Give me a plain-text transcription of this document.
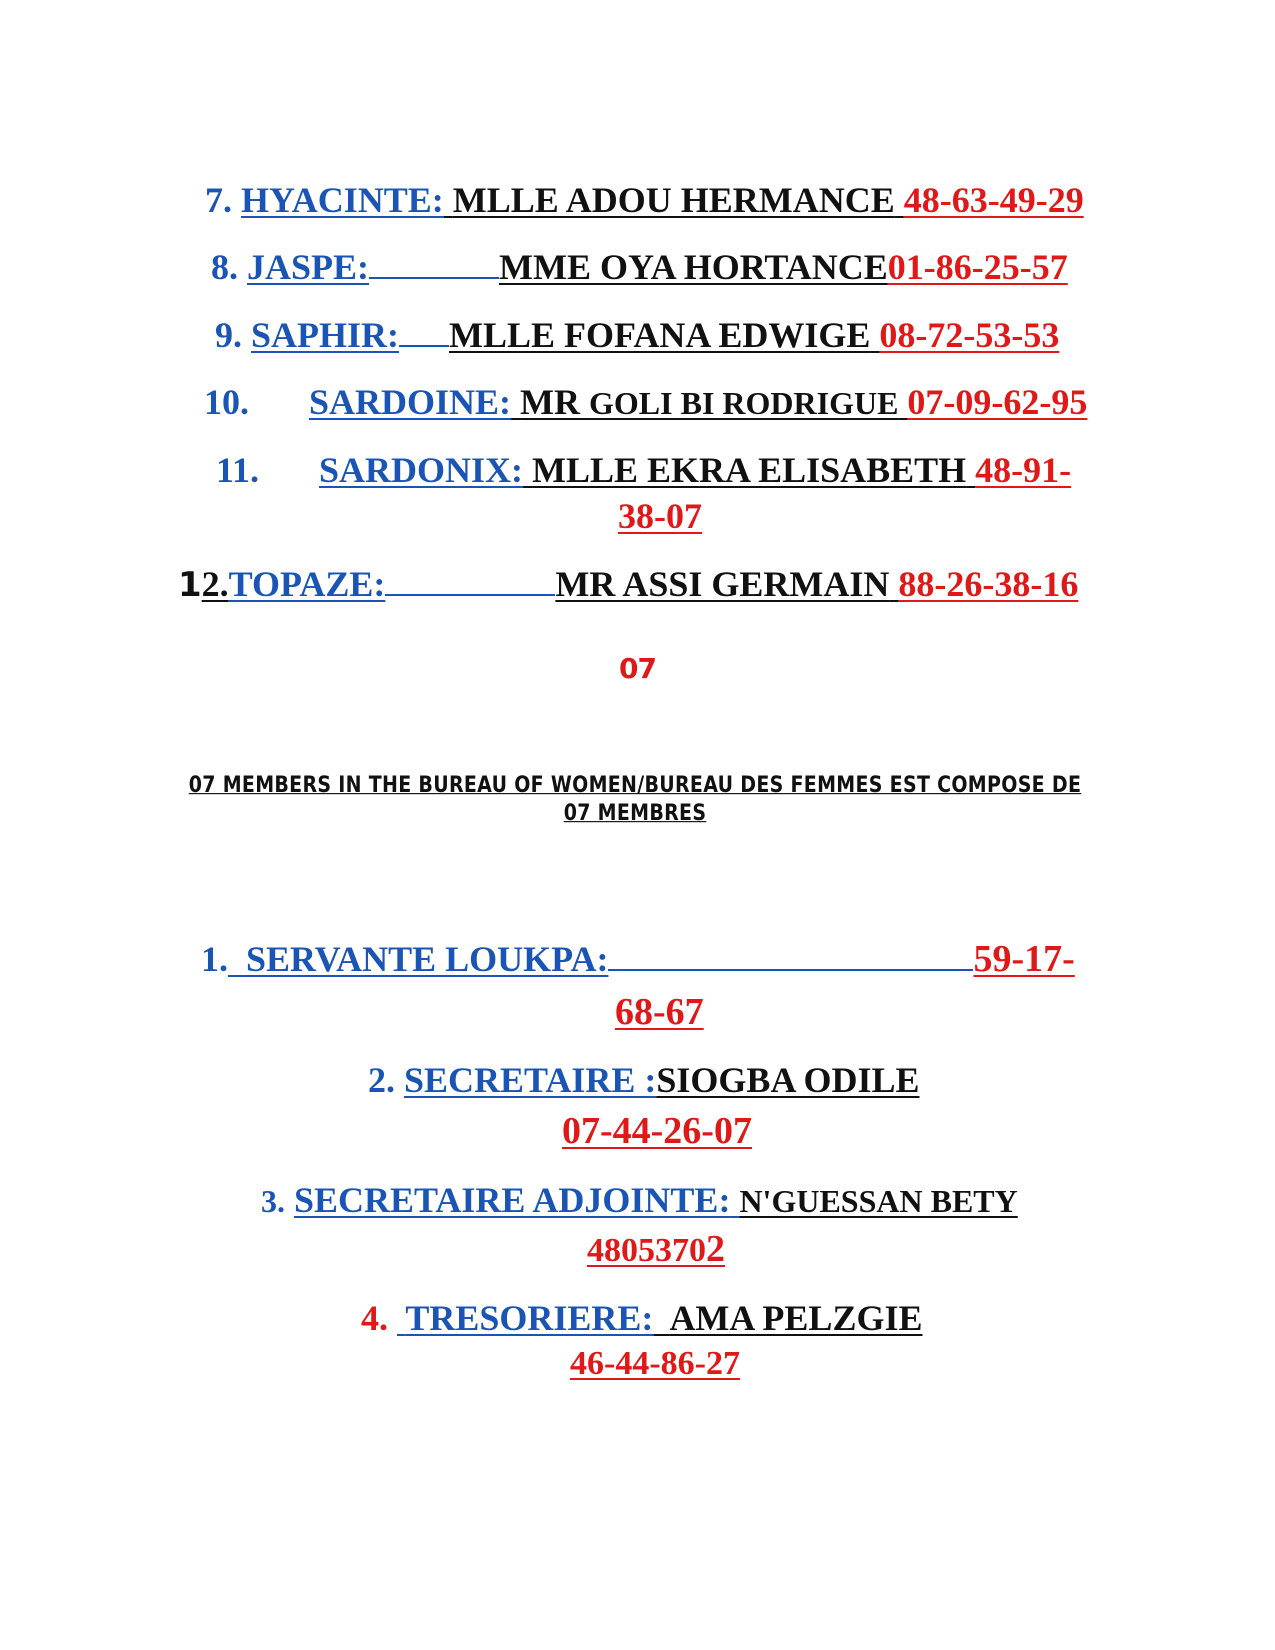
7. HYACINTE: MLLE ADOU HERMANCE 48-63-49-29

8. JASPE:	MME OYA HORTANCE01-86-25-57

9. SAPHIR: MLLE FOFANA EDWIGE 08-72-53-53

10. SARDOINE: MR GOLI BI RODRIGUE 07-09-62-95

11. SARDONIX: MLLE EKRA ELISABETH 48-91-

38-07

12.TOPAZE:	MR ASSI GERMAIN 88-26-38-16

07
07 MEMBERS IN THE BUREAU OF WOMEN/BUREAU DES FEMMES EST COMPOSE DE
07 MEMBRES

1. SERVANTE LOUKPA:	59-17-

68-67

2. SECRETAIRE :SIOGBA ODILE

07-44-26-07

3. SECRETAIRE ADJOINTE: N'GUESSAN BETY

48053702

4. TRESORIERE: AMA PELZGIE

46-44-86-27
